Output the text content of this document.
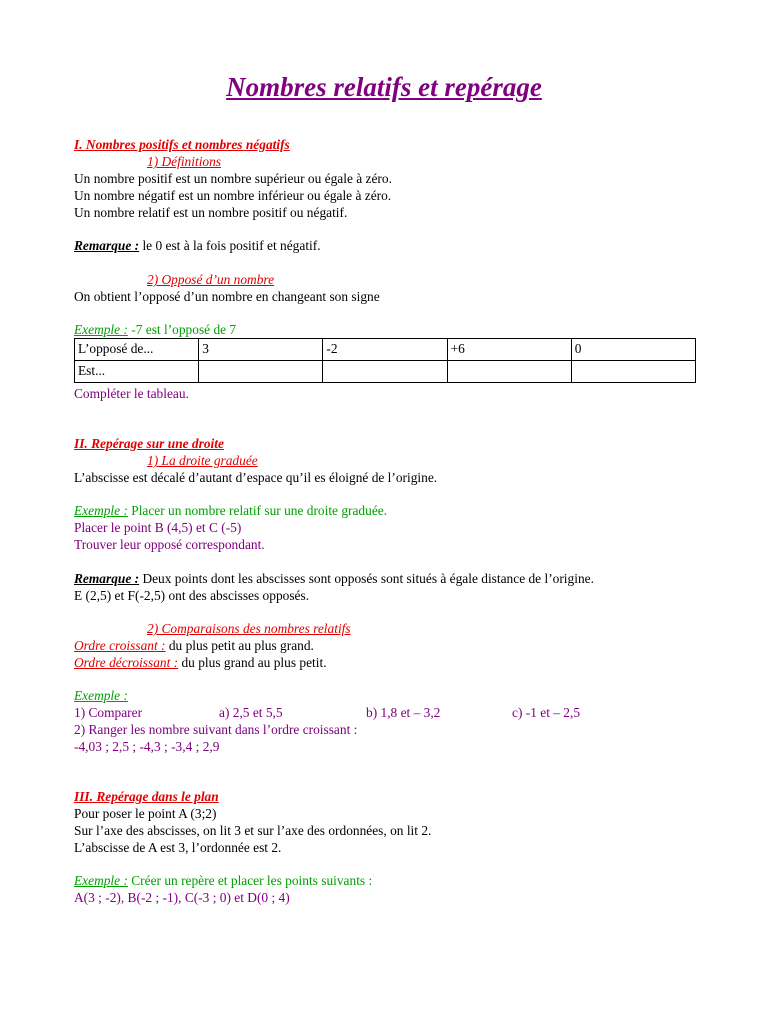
Nombres relatifs et repérage
I. Nombres positifs et nombres négatifs
1) Définitions
Un nombre positif est un nombre supérieur ou égale à zéro.
Un nombre négatif est un nombre inférieur ou égale à zéro.
Un nombre relatif est un nombre positif ou négatif.
Remarque : le 0 est à la fois positif et négatif.
2) Opposé d’un nombre
On obtient l’opposé d’un nombre en changeant son signe
Exemple : -7 est l’opposé de 7
L’opposé de...	3	-2	+6	0
Est...				
Compléter le tableau.
II. Repérage sur une droite
1) La droite graduée
L’abscisse est décalé d’autant d’espace qu’il es éloigné de l’origine.
Exemple : Placer un nombre relatif sur une droite graduée.
Placer le point B (4,5) et C (-5)
Trouver leur opposé correspondant.
Remarque : Deux points dont les abscisses sont opposés sont situés à égale distance de l’origine.
E (2,5) et F(-2,5) ont des abscisses opposés.
2) Comparaisons des nombres relatifs
Ordre croissant : du plus petit au plus grand.
Ordre décroissant : du plus grand au plus petit.
Exemple :
1) Comparer	a) 2,5 et 5,5	b) 1,8 et – 3,2	c) -1 et – 2,5
2) Ranger les nombre suivant dans l’ordre croissant :
-4,03 ; 2,5 ; -4,3 ; -3,4 ; 2,9
III. Repérage dans le plan
Pour poser le point A (3;2)
Sur l’axe des abscisses, on lit 3 et sur l’axe des ordonnées, on lit 2.
L’abscisse de A est 3, l’ordonnée est 2.
Exemple : Créer un repère et placer les points suivants :
A(3 ; -2), B(-2 ; -1), C(-3 ; 0) et D(0 ; 4)
